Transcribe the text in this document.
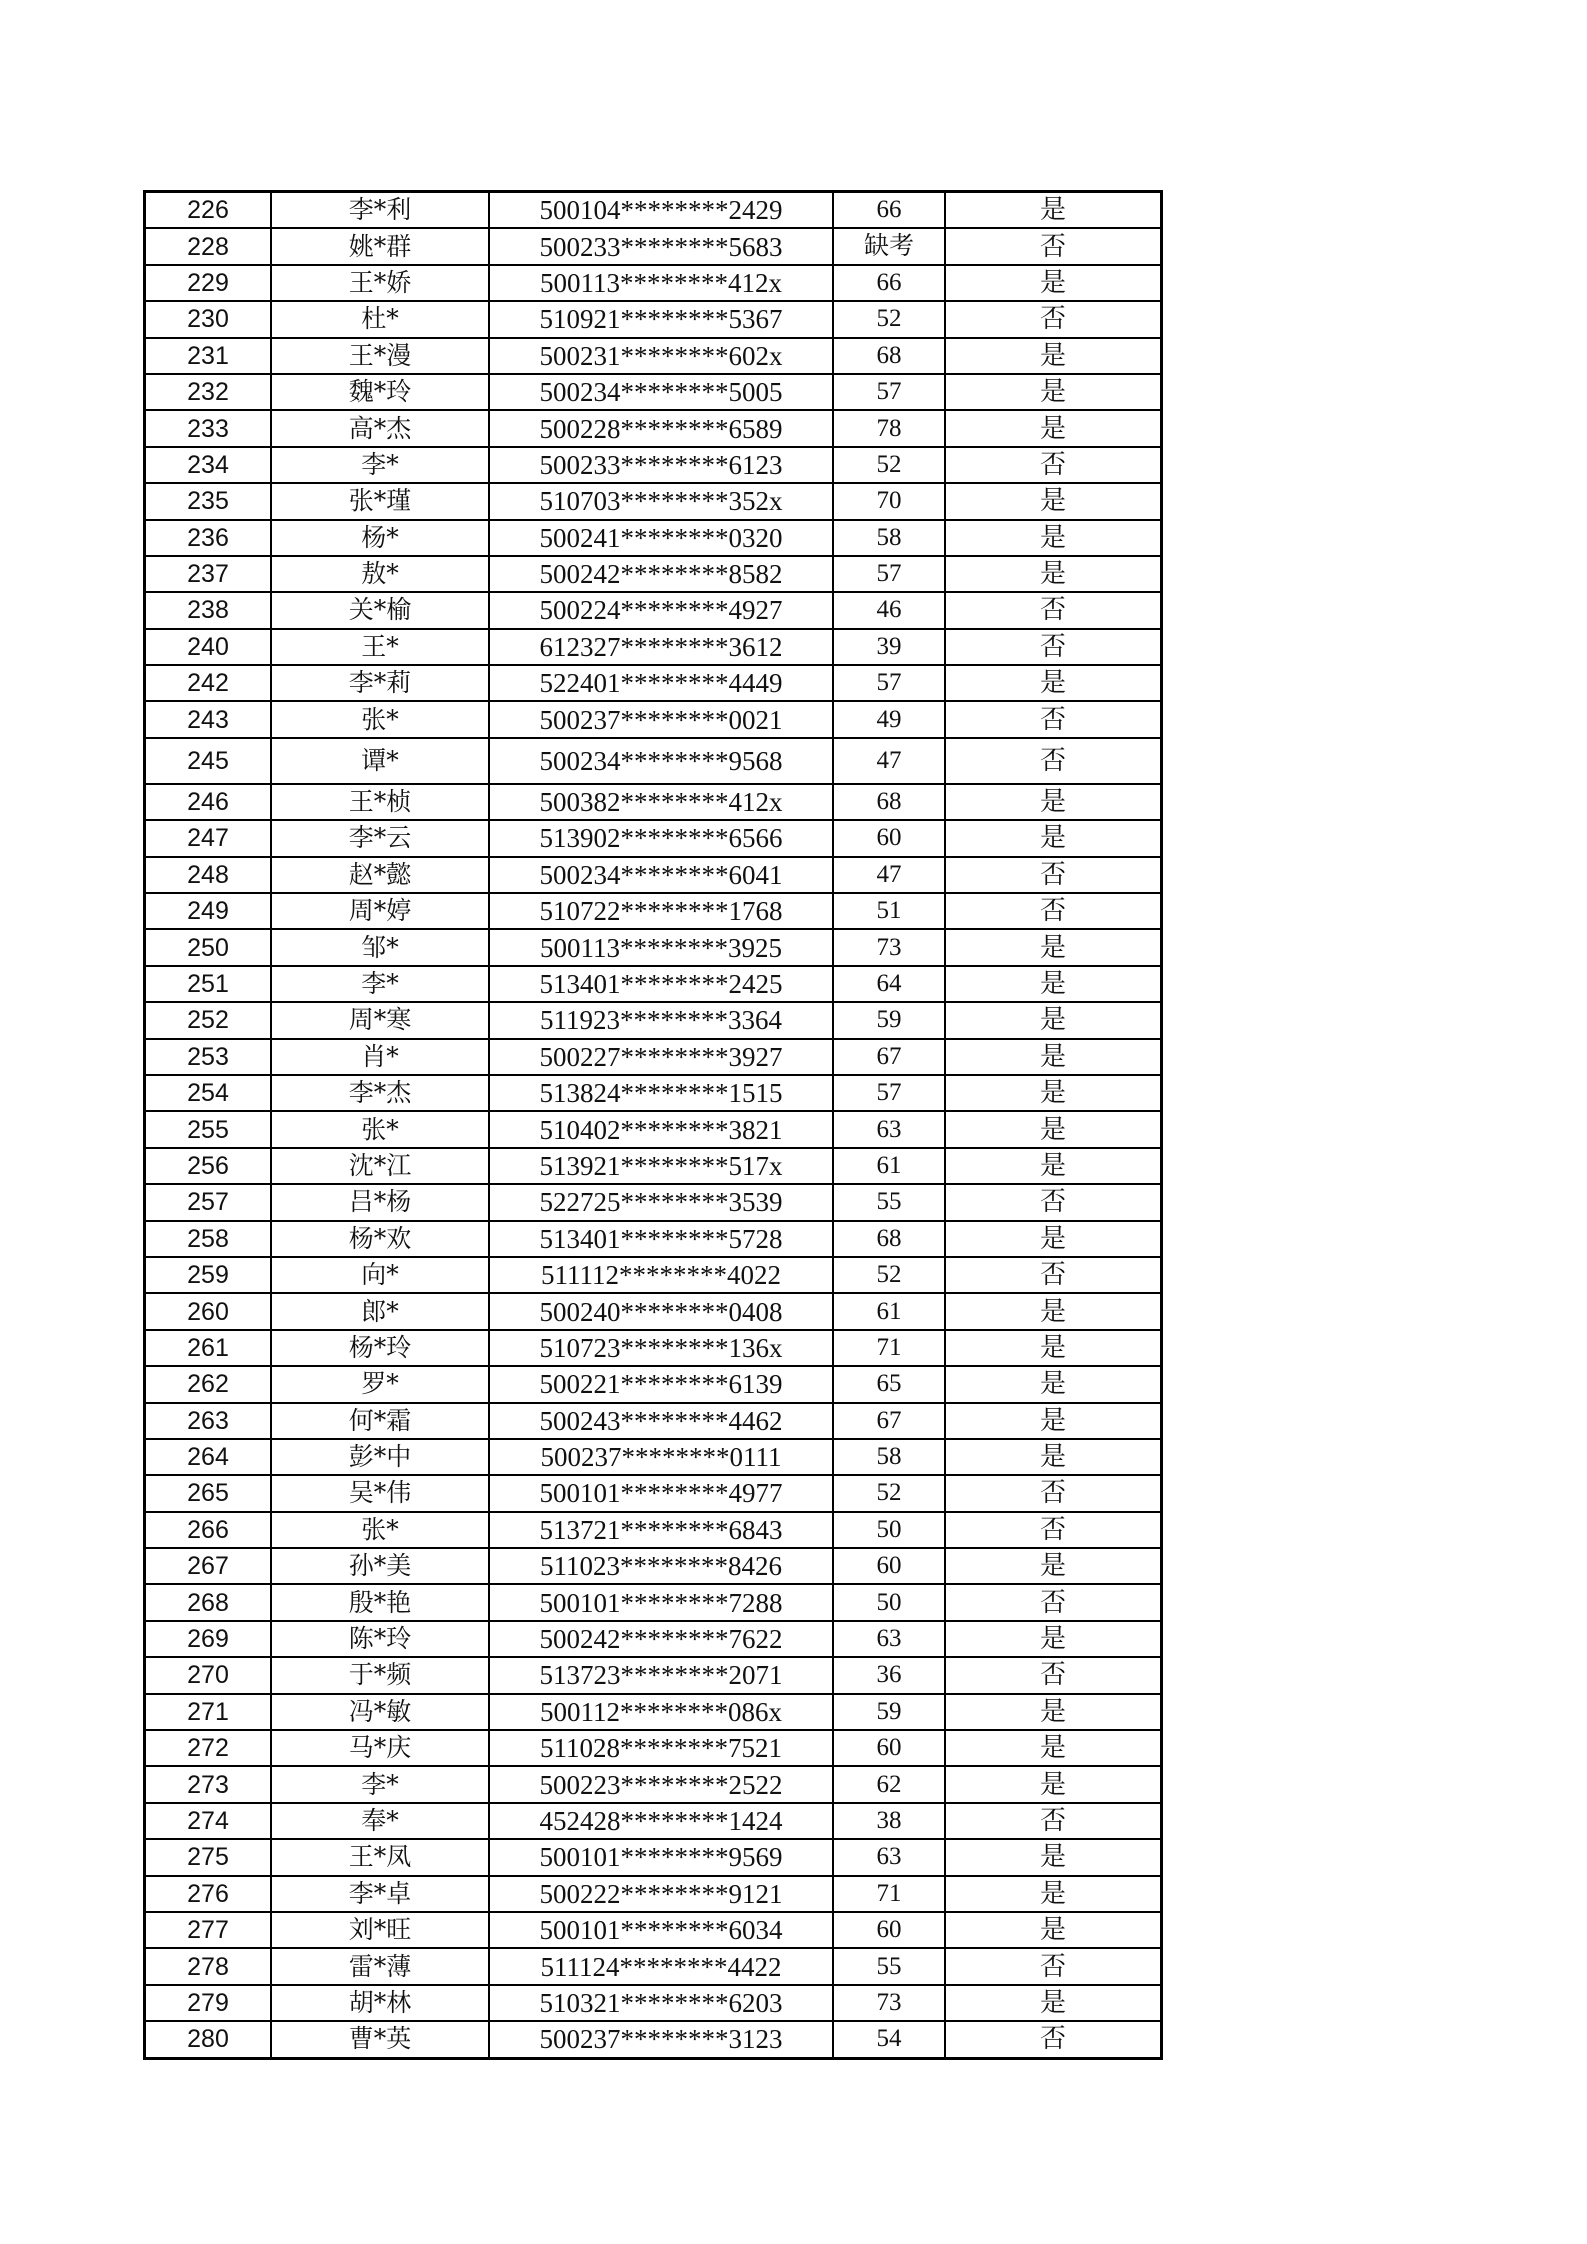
226	李*利	500104********2429	66	是
228	姚*群	500233********5683	缺考	否
229	王*娇	500113********412x	66	是
230	杜*	510921********5367	52	否
231	王*漫	500231********602x	68	是
232	魏*玲	500234********5005	57	是
233	高*杰	500228********6589	78	是
234	李*	500233********6123	52	否
235	张*瑾	510703********352x	70	是
236	杨*	500241********0320	58	是
237	敖*	500242********8582	57	是
238	关*榆	500224********4927	46	否
240	王*	612327********3612	39	否
242	李*莉	522401********4449	57	是
243	张*	500237********0021	49	否
245	谭*	500234********9568	47	否
246	王*桢	500382********412x	68	是
247	李*云	513902********6566	60	是
248	赵*懿	500234********6041	47	否
249	周*婷	510722********1768	51	否
250	邹*	500113********3925	73	是
251	李*	513401********2425	64	是
252	周*寒	511923********3364	59	是
253	肖*	500227********3927	67	是
254	李*杰	513824********1515	57	是
255	张*	510402********3821	63	是
256	沈*江	513921********517x	61	是
257	吕*杨	522725********3539	55	否
258	杨*欢	513401********5728	68	是
259	向*	511112********4022	52	否
260	郎*	500240********0408	61	是
261	杨*玲	510723********136x	71	是
262	罗*	500221********6139	65	是
263	何*霜	500243********4462	67	是
264	彭*中	500237********0111	58	是
265	吴*伟	500101********4977	52	否
266	张*	513721********6843	50	否
267	孙*美	511023********8426	60	是
268	殷*艳	500101********7288	50	否
269	陈*玲	500242********7622	63	是
270	于*频	513723********2071	36	否
271	冯*敏	500112********086x	59	是
272	马*庆	511028********7521	60	是
273	李*	500223********2522	62	是
274	奉*	452428********1424	38	否
275	王*凤	500101********9569	63	是
276	李*卓	500222********9121	71	是
277	刘*旺	500101********6034	60	是
278	雷*薄	511124********4422	55	否
279	胡*林	510321********6203	73	是
280	曹*英	500237********3123	54	否
